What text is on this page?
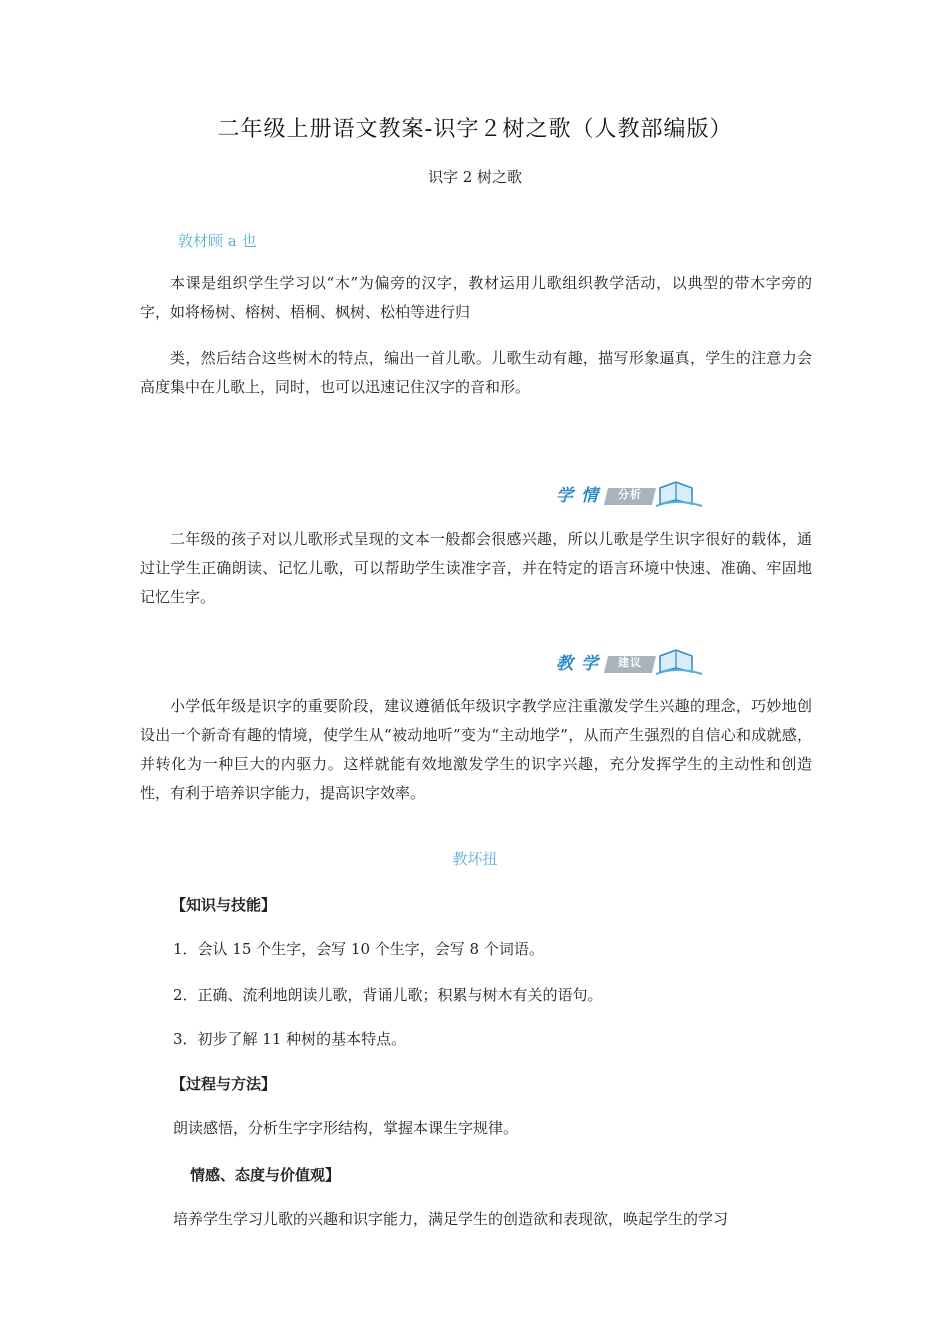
二年级上册语文教案-识字２树之歌（人教部编版）
识字 2 树之歌
敦材顾 a 也
本课是组织学生学习以“木”为偏旁的汉字，教材运用儿歌组织教学活动，以典型的带木字旁的字，如将杨树、榕树、梧桐、枫树、松柏等进行归
类，然后结合这些树木的特点，编出一首儿歌。儿歌生动有趣，描写形象逼真，学生的注意力会高度集中在儿歌上，同时，也可以迅速记住汉字的音和形。
学情 分析
二年级的孩子对以儿歌形式呈现的文本一般都会很感兴趣，所以儿歌是学生识字很好的载体，通过让学生正确朗读、记忆儿歌，可以帮助学生读准字音，并在特定的语言环境中快速、准确、牢固地记忆生字。
教学 建议
小学低年级是识字的重要阶段，建议遵循低年级识字教学应注重激发学生兴趣的理念，巧妙地创设出一个新奇有趣的情境，使学生从“被动地听”变为“主动地学”，从而产生强烈的自信心和成就感，并转化为一种巨大的内驱力。这样就能有效地激发学生的识字兴趣，充分发挥学生的主动性和创造性，有利于培养识字能力，提高识字效率。
教坏扭
【知识与技能】
1．会认 15 个生字，会写 10 个生字，会写 8 个词语。
2．正确、流利地朗读儿歌，背诵儿歌；积累与树木有关的语句。
3．初步了解 11 种树的基本特点。
【过程与方法】
朗读感悟，分析生字字形结构，掌握本课生字规律。
情感、态度与价值观】
培养学生学习儿歌的兴趣和识字能力，满足学生的创造欲和表现欲，唤起学生的学习
